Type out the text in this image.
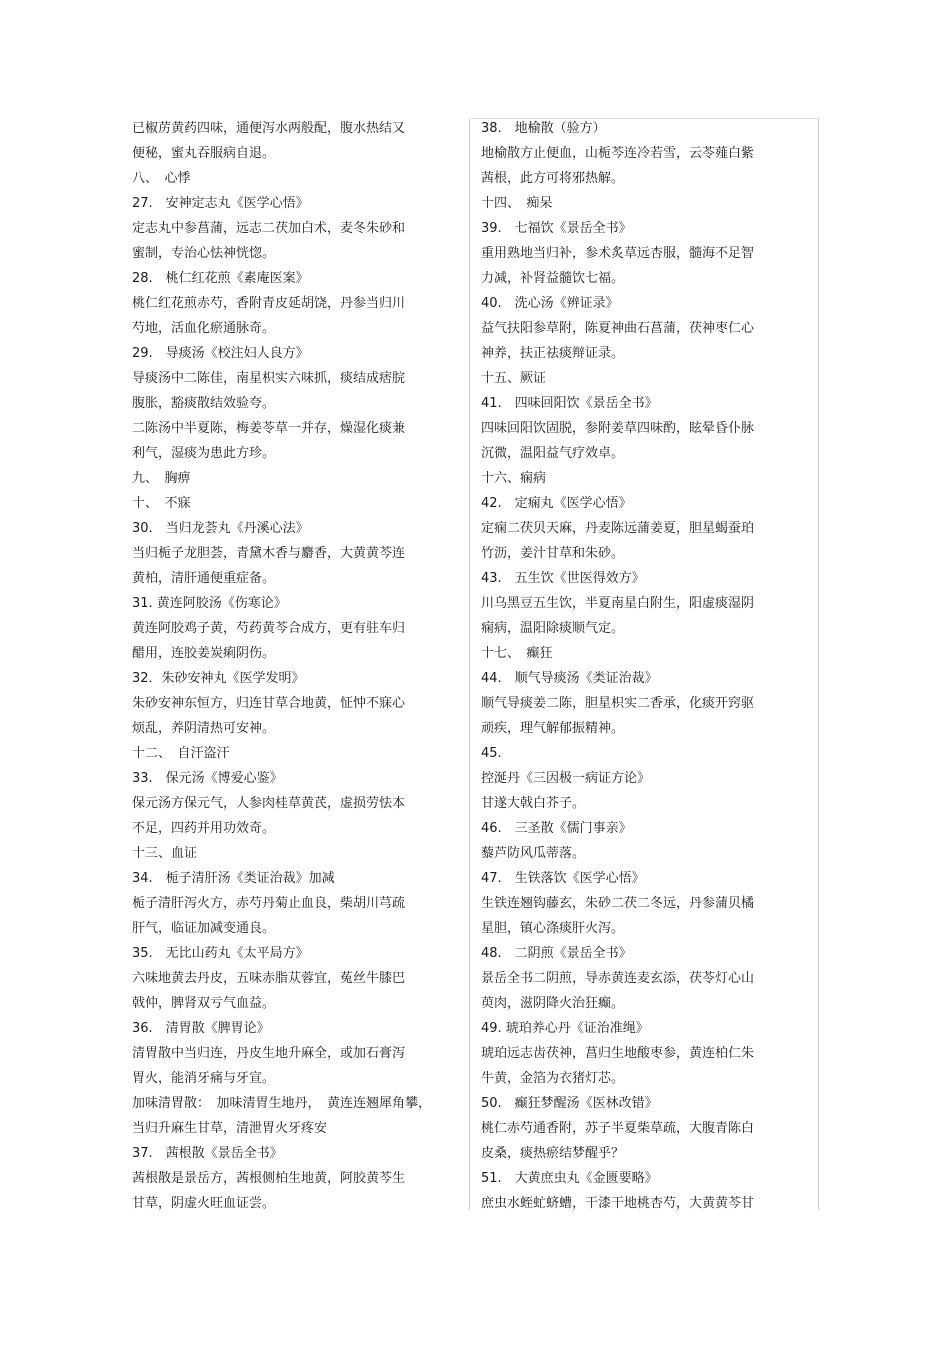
已椒苈黄药四味，通便泻水两般配，腹水热结又
便秘，蜜丸吞服病自退。
八、　心悸
27.　安神定志丸《医学心悟》
定志丸中参菖蒲，远志二茯加白术，麦冬朱砂和
蜜制，专治心怯神恍惚。
28.　桃仁红花煎《素庵医案》
桃仁红花煎赤芍，香附青皮延胡饶，丹参当归川
芍地，活血化瘀通脉奇。
29.　导痰汤《校注妇人良方》
导痰汤中二陈佳，南星枳实六味抓，痰结成痞脘
腹胀，豁痰散结效验夸。
二陈汤中半夏陈，梅姜苓草一并存，燥湿化痰兼
利气，湿痰为患此方珍。
九、　胸痹
十、　不寐
30.　当归龙荟丸《丹溪心法》
当归栀子龙胆荟，青黛木香与麝香，大黄黄芩连
黄柏，清肝通便重症备。
31. 黄连阿胶汤《伤寒论》
黄连阿胶鸡子黄，芍药黄芩合成方，更有驻车归
醋用，连胶姜炭痢阴伤。
32．朱砂安神丸《医学发明》
朱砂安神东恒方，归连甘草合地黄，怔忡不寐心
烦乱，养阴清热可安神。
十二、　自汗盗汗
33.　保元汤《博爱心鉴》
保元汤方保元气，人参肉桂草黄芪，虚损劳怯本
不足，四药并用功效奇。
十三、血证
34.　栀子清肝汤《类证治裁》加减
栀子清肝泻火方，赤芍丹菊止血良，柴胡川芎疏
肝气，临证加减变通良。
35.　无比山药丸《太平局方》
六味地黄去丹皮，五味赤脂苁蓉宜，菟丝牛膝巴
戟仲，脾肾双亏气血益。
36.　清胃散《脾胃论》
清胃散中当归连，丹皮生地升麻全，或加石膏泻
胃火，能消牙痛与牙宣。
加味清胃散：　加味清胃生地丹，　黄连连翘犀角攀，
当归升麻生甘草，清泄胃火牙疼安
37.　茜根散《景岳全书》
茜根散是景岳方，茜根侧柏生地黄，阿胶黄芩生
甘草，阴虚火旺血证尝。
38.　地榆散（验方）
地榆散方止便血，山栀芩连冷若雪，云苓薤白紫
茜根，此方可将邪热解。
十四、　痴呆
39.　七福饮《景岳全书》
重用熟地当归补，参术炙草远杏服，髓海不足智
力减，补肾益髓饮七福。
40.　洗心汤《辨证录》
益气扶阳参草附，陈夏神曲石菖蒲，茯神枣仁心
神养，扶正祛痰辩证录。
十五、厥证
41.　四味回阳饮《景岳全书》
四味回阳饮固脱，参附姜草四味酌，眩晕昏仆脉
沉微，温阳益气疗效卓。
十六、痫病
42.　定痫丸《医学心悟》
定痫二茯贝天麻，丹麦陈远蒲姜夏，胆星蝎蚕珀
竹沥，姜汁甘草和朱砂。
43.　五生饮《世医得效方》
川乌黑豆五生饮，半夏南星白附生，阳虚痰湿阴
痫病，温阳除痰顺气定。
十七、　癫狂
44.　顺气导痰汤《类证治裁》
顺气导痰姜二陈，胆星枳实二香承，化痰开窍驱
顽疾，理气解郁振精神。
45.
控涎丹《三因极一病证方论》
甘遂大戟白芥子。
46.　三圣散《儒门事亲》
藜芦防风瓜蒂落。
47.　生铁落饮《医学心悟》
生铁连翘钩藤玄，朱砂二茯二冬远，丹参蒲贝橘
星胆，镇心涤痰肝火泻。
48.　二阴煎《景岳全书》
景岳全书二阴煎，导赤黄连麦玄添，茯苓灯心山
萸肉，滋阴降火治狂癫。
49. 琥珀养心丹《证治准绳》
琥珀远志齿茯神，菖归生地酸枣参，黄连柏仁朱
牛黄，金箔为衣猪灯芯。
50.　癫狂梦醒汤《医林改错》
桃仁赤芍通香附，苏子半夏柴草疏，大腹青陈白
皮桑，痰热瘀结梦醒乎？
51.　大黄庶虫丸《金匮要略》
庶虫水蛭虻蛴螬，干漆干地桃杏芍，大黄黄芩甘
